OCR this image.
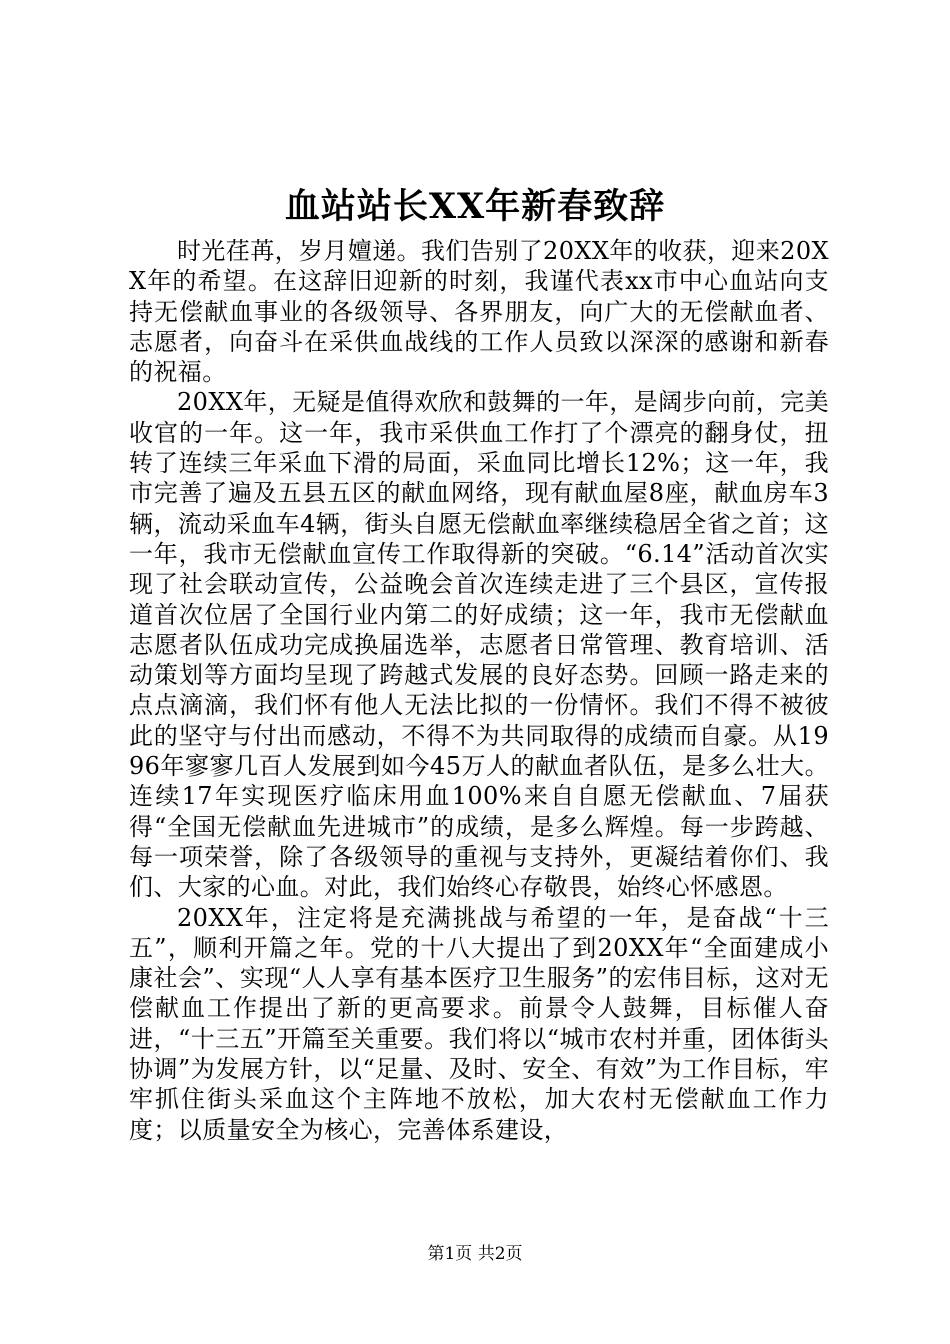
血站站长XX年新春致辞

时光荏苒，岁月嬗递。我们告别了20XX年的收获，迎来20XX年的希望。在这辞旧迎新的时刻，我谨代表xx市中心血站向支持无偿献血事业的各级领导、各界朋友，向广大的无偿献血者、志愿者，向奋斗在采供血战线的工作人员致以深深的感谢和新春的祝福。

20XX年，无疑是值得欢欣和鼓舞的一年，是阔步向前，完美收官的一年。这一年，我市采供血工作打了个漂亮的翻身仗，扭转了连续三年采血下滑的局面，采血同比增长12%；这一年，我市完善了遍及五县五区的献血网络，现有献血屋8座，献血房车3辆，流动采血车4辆，街头自愿无偿献血率继续稳居全省之首；这一年，我市无偿献血宣传工作取得新的突破。“6.14”活动首次实现了社会联动宣传，公益晚会首次连续走进了三个县区，宣传报道首次位居了全国行业内第二的好成绩；这一年，我市无偿献血志愿者队伍成功完成换届选举，志愿者日常管理、教育培训、活动策划等方面均呈现了跨越式发展的良好态势。回顾一路走来的点点滴滴，我们怀有他人无法比拟的一份情怀。我们不得不被彼此的坚守与付出而感动，不得不为共同取得的成绩而自豪。从1996年寥寥几百人发展到如今45万人的献血者队伍，是多么壮大。连续17年实现医疗临床用血100%来自自愿无偿献血、7届获得“全国无偿献血先进城市”的成绩，是多么辉煌。每一步跨越、每一项荣誉，除了各级领导的重视与支持外，更凝结着你们、我们、大家的心血。对此，我们始终心存敬畏，始终心怀感恩。

20XX年，注定将是充满挑战与希望的一年，是奋战“十三五”，顺利开篇之年。党的十八大提出了到20XX年“全面建成小康社会”、实现“人人享有基本医疗卫生服务”的宏伟目标，这对无偿献血工作提出了新的更高要求。前景令人鼓舞，目标催人奋进，“十三五”开篇至关重要。我们将以“城市农村并重，团体街头协调”为发展方针，以“足量、及时、安全、有效”为工作目标，牢牢抓住街头采血这个主阵地不放松，加大农村无偿献血工作力度；以质量安全为核心，完善体系建设，

第1页 共2页
